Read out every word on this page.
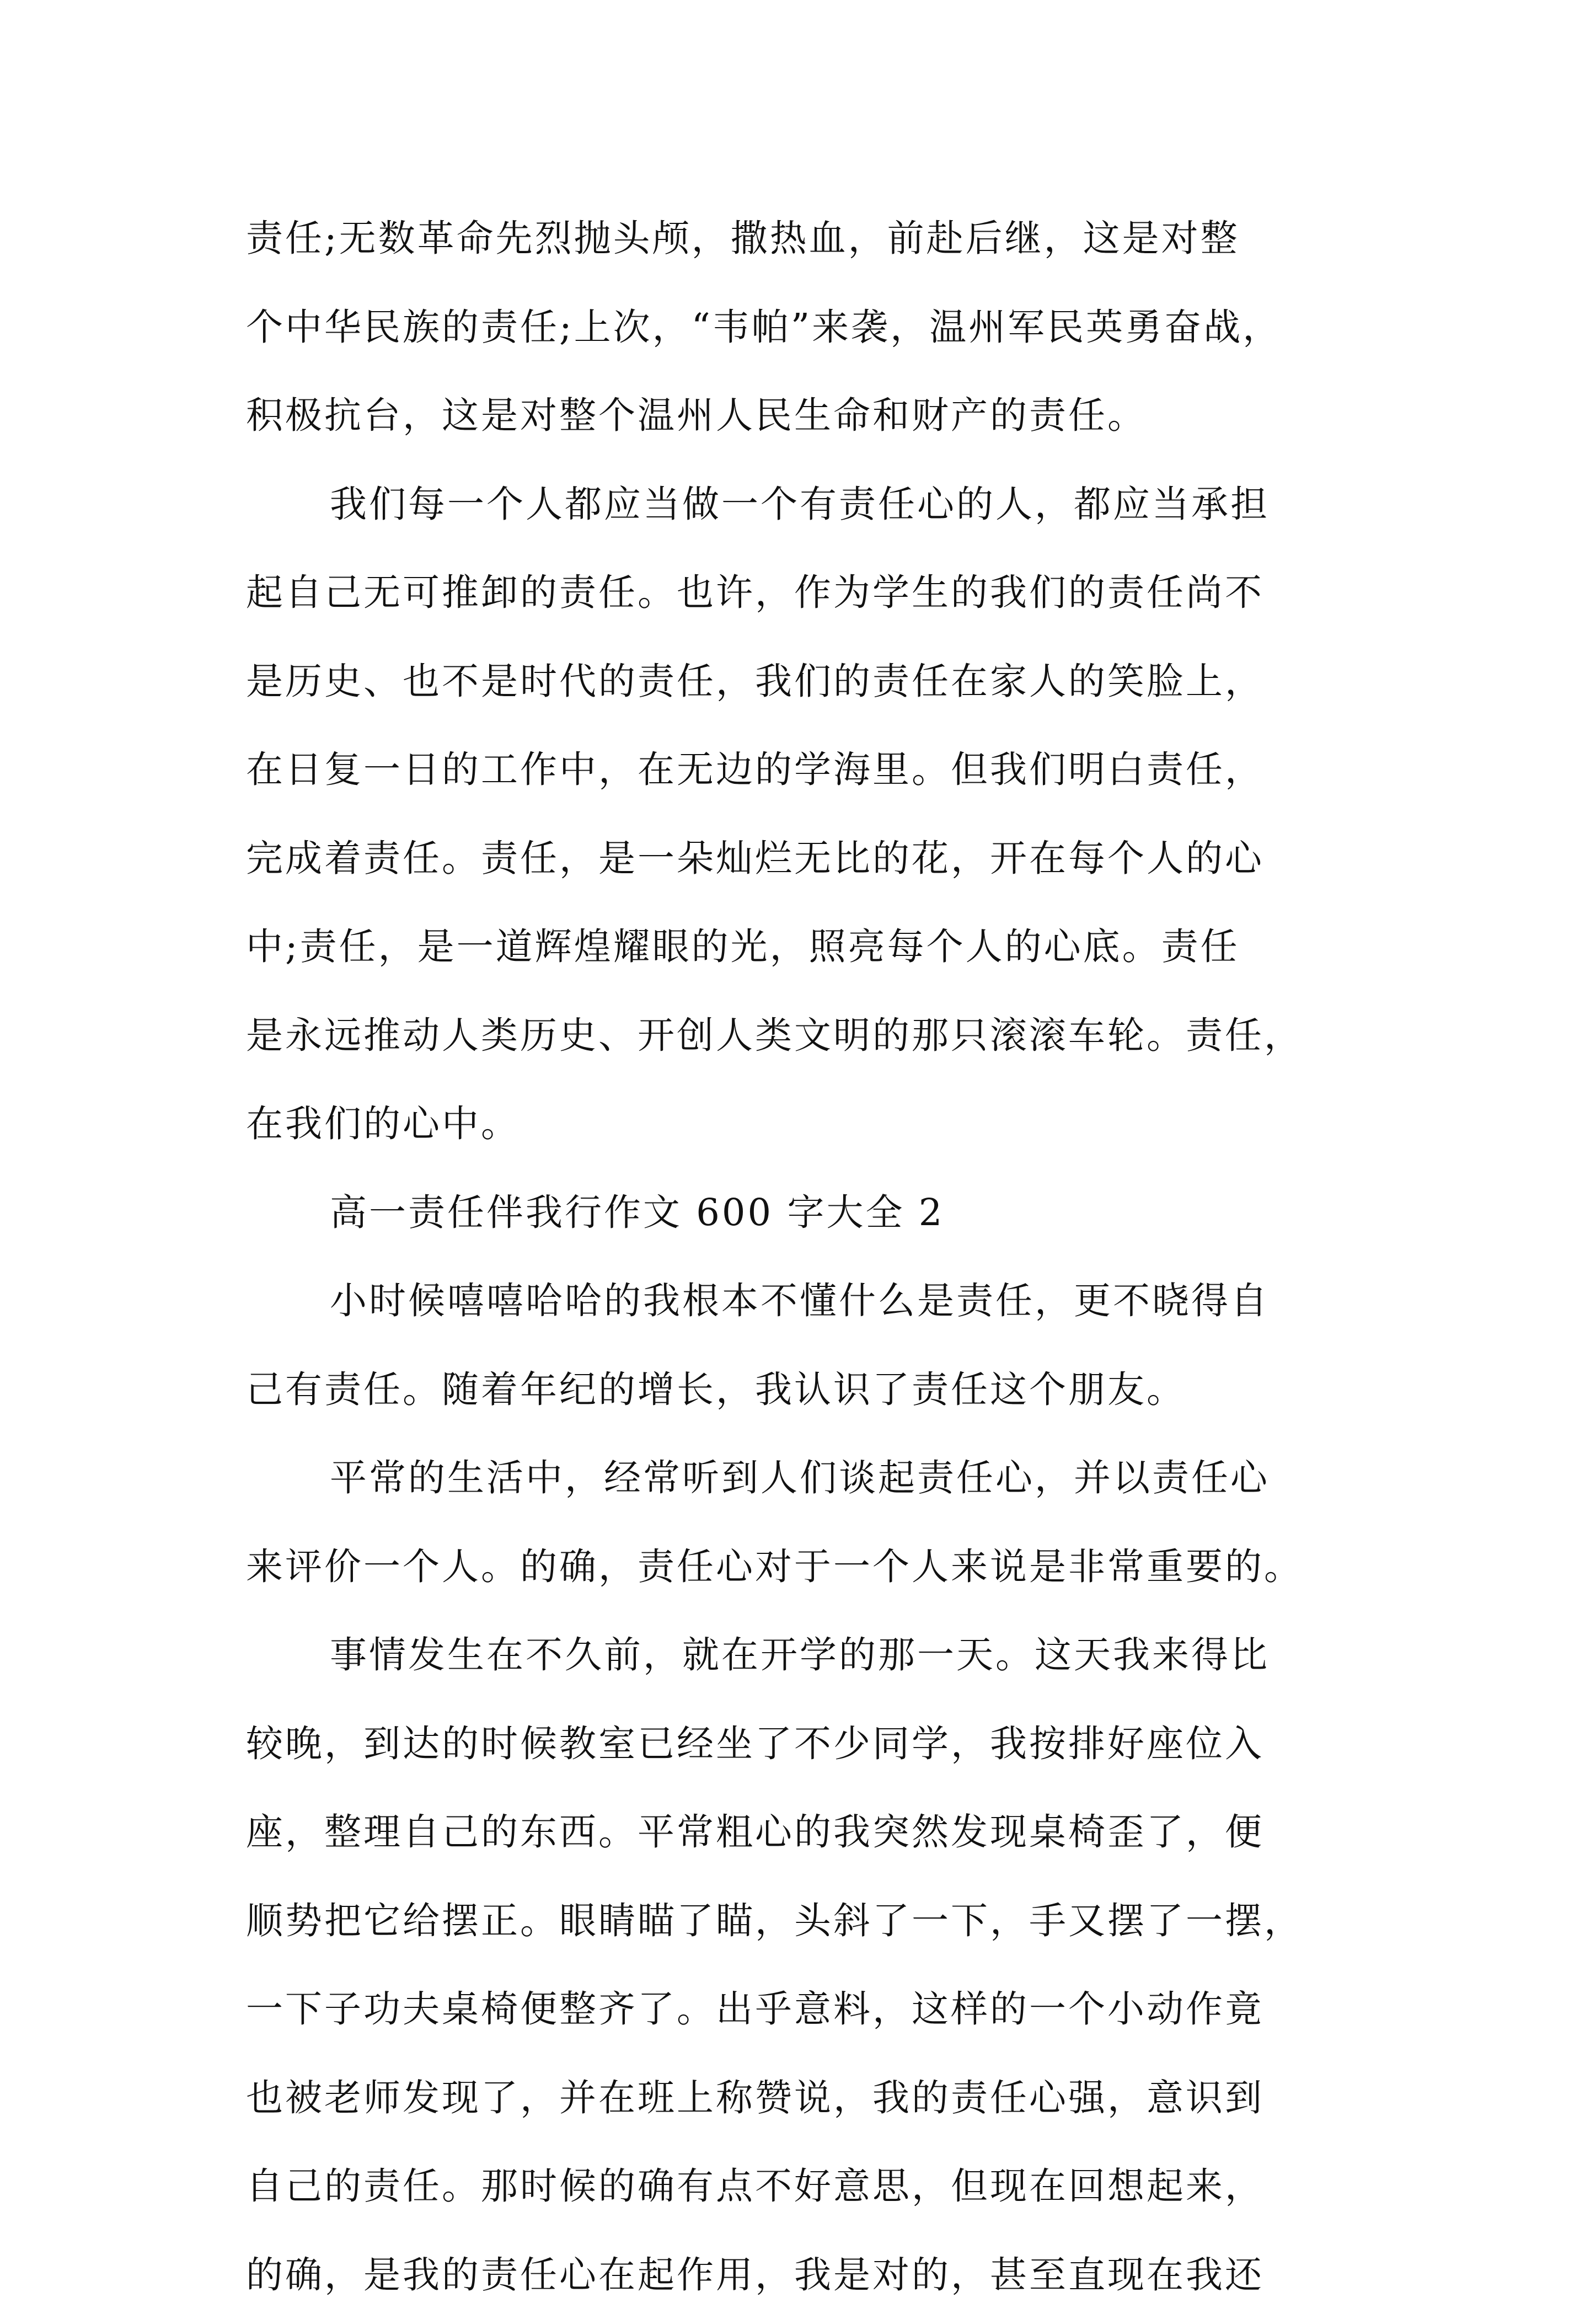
责任;无数革命先烈抛头颅，撒热血，前赴后继，这是对整
个中华民族的责任;上次，“韦帕”来袭，温州军民英勇奋战，
积极抗台，这是对整个温州人民生命和财产的责任。
我们每一个人都应当做一个有责任心的人，都应当承担
起自己无可推卸的责任。也许，作为学生的我们的责任尚不
是历史、也不是时代的责任，我们的责任在家人的笑脸上，
在日复一日的工作中，在无边的学海里。但我们明白责任，
完成着责任。责任，是一朵灿烂无比的花，开在每个人的心
中;责任，是一道辉煌耀眼的光，照亮每个人的心底。责任
是永远推动人类历史、开创人类文明的那只滚滚车轮。责任，
在我们的心中。
高一责任伴我行作文 600 字大全 2
小时候嘻嘻哈哈的我根本不懂什么是责任，更不晓得自
己有责任。随着年纪的增长，我认识了责任这个朋友。
平常的生活中，经常听到人们谈起责任心，并以责任心
来评价一个人。的确，责任心对于一个人来说是非常重要的。
事情发生在不久前，就在开学的那一天。这天我来得比
较晚，到达的时候教室已经坐了不少同学，我按排好座位入
座，整理自己的东西。平常粗心的我突然发现桌椅歪了，便
顺势把它给摆正。眼睛瞄了瞄，头斜了一下，手又摆了一摆，
一下子功夫桌椅便整齐了。出乎意料，这样的一个小动作竟
也被老师发现了，并在班上称赞说，我的责任心强，意识到
自己的责任。那时候的确有点不好意思，但现在回想起来，
的确，是我的责任心在起作用，我是对的，甚至直现在我还
